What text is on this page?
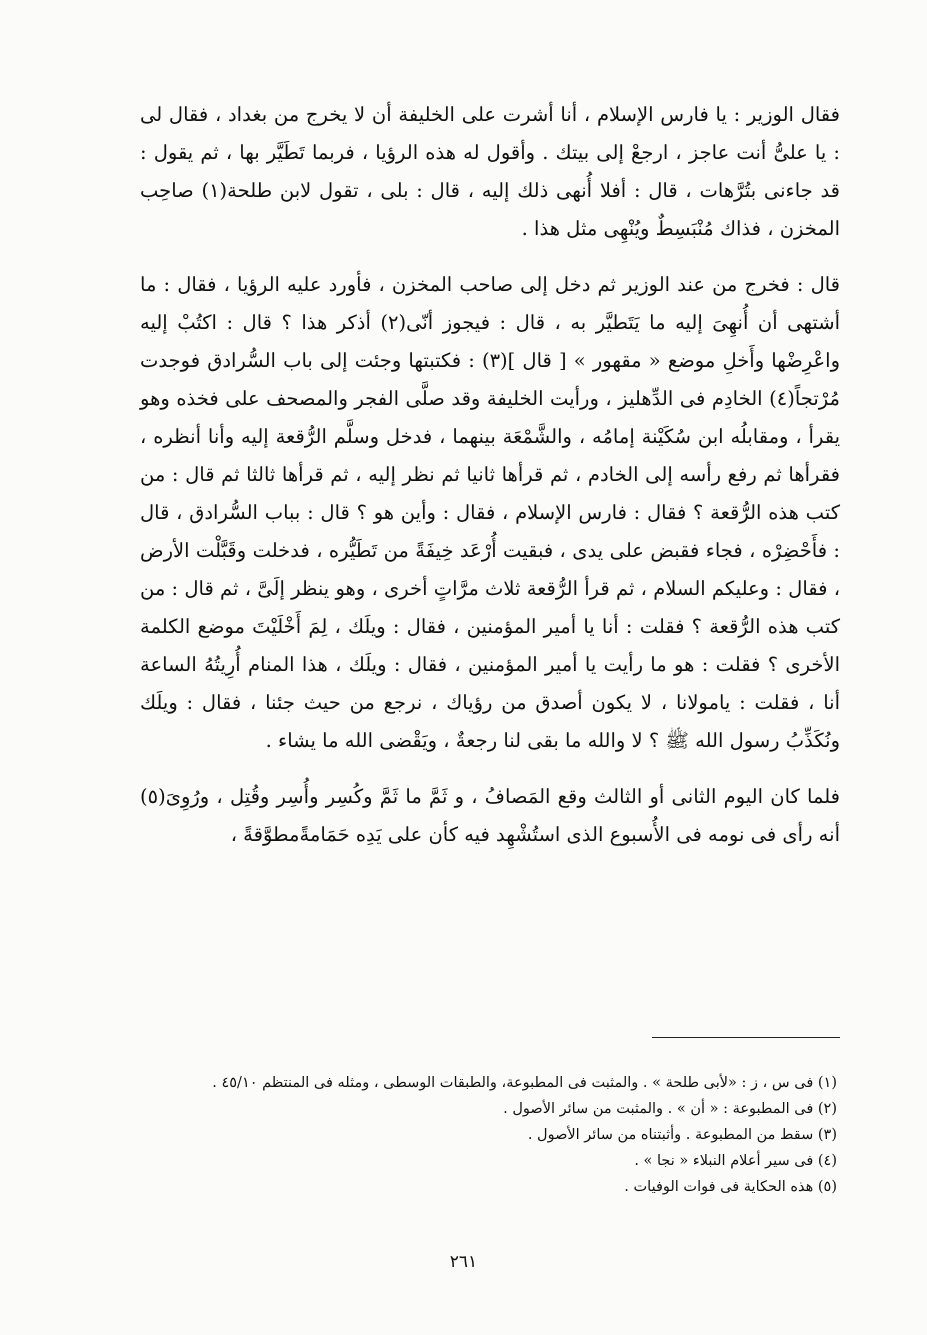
فقال الوزير : يا فارس الإسلام ، أنا أشرت على الخليفة أن لا يخرج من بغداد ، فقال لى : يا علىُّ أنت عاجز ، ارجعْ إلى بيتك . وأقول له هذه الرؤيا ، فربما تَطَيَّر بها ، ثم يقول : قد جاءنى بتُرَّهات ، قال : أفلا أُنهى ذلك إليه ، قال : بلى ، تقول لابن طلحة(١) صاحِب المخزن ، فذاك مُنْبَسِطٌ ويُنْهِى مثل هذا .

قال : فخرج من عند الوزير ثم دخل إلى صاحب المخزن ، فأورد عليه الرؤيا ، فقال : ما أشتهى أن أُنهِىَ إليه ما يَتَطيَّر به ، قال : فيجوز أنّى(٢) أذكر هذا ؟ قال : اكتُبْ إليه واعْرِضْها وأَخلِ موضع « مقهور » [ قال ](٣) : فكتبتها وجئت إلى باب السُّرادق فوجدت مُرْتجاً(٤) الخادِم فى الدِّهليز ، ورأيت الخليفة وقد صلَّى الفجر والمصحف على فخذه وهو يقرأ ، ومقابلُه ابن سُكَيْنة إمامُه ، والشَّمْعَة بينهما ، فدخل وسلَّم الرُّقعة إليه وأنا أنظره ، فقرأها ثم رفع رأسه إلى الخادم ، ثم قرأها ثانيا ثم نظر إليه ، ثم قرأها ثالثا ثم قال : من كتب هذه الرُّقعة ؟ فقال : فارس الإسلام ، فقال : وأين هو ؟ قال : بباب السُّرادق ، قال : فأَحْضِرْه ، فجاء فقبض على يدى ، فبقيت أُرْعَد خِيفَةً من تَطَيُّره ، فدخلت وقَبَّلْت الأرض ، فقال : وعليكم السلام ، ثم قرأ الرُّقعة ثلاث مرَّاتٍ أخرى ، وهو ينظر إلَىَّ ، ثم قال : من كتب هذه الرُّقعة ؟ فقلت : أنا يا أمير المؤمنين ، فقال : ويلَك ، لِمَ أَخْلَيْتَ موضع الكلمة الأخرى ؟ فقلت : هو ما رأيت يا أمير المؤمنين ، فقال : ويلَك ، هذا المنام أُرِيتُهُ الساعة أنا ، فقلت : يامولانا ، لا يكون أصدق من رؤياك ، نرجع من حيث جئنا ، فقال : ويلَك ونُكَذِّبُ رسول الله ﷺ ؟ لا والله ما بقى لنا رجعةٌ ، ويَقْضى الله ما يشاء .

فلما كان اليوم الثانى أو الثالث وقع المَصافُ ، و ثَمَّ ما ثَمَّ وكُسِر وأُسِر وقُتِل ، ورُوِىَ(٥) أنه رأى فى نومه فى الأُسبوع الذى استُشْهِد فيه كأن على يَدِه حَمَامةًمطوَّقةً ،

(١) فى س ، ز : «لأبى طلحة » . والمثبت فى المطبوعة، والطبقات الوسطى ، ومثله فى المنتظم ٤٥/١٠ .

(٢) فى المطبوعة : « أن » . والمثبت من سائر الأصول .

(٣) سقط من المطبوعة . وأثبتناه من سائر الأصول .

(٤) فى سير أعلام النبلاء « نجا » .

(٥) هذه الحكاية فى فوات الوفيات .

٢٦١
